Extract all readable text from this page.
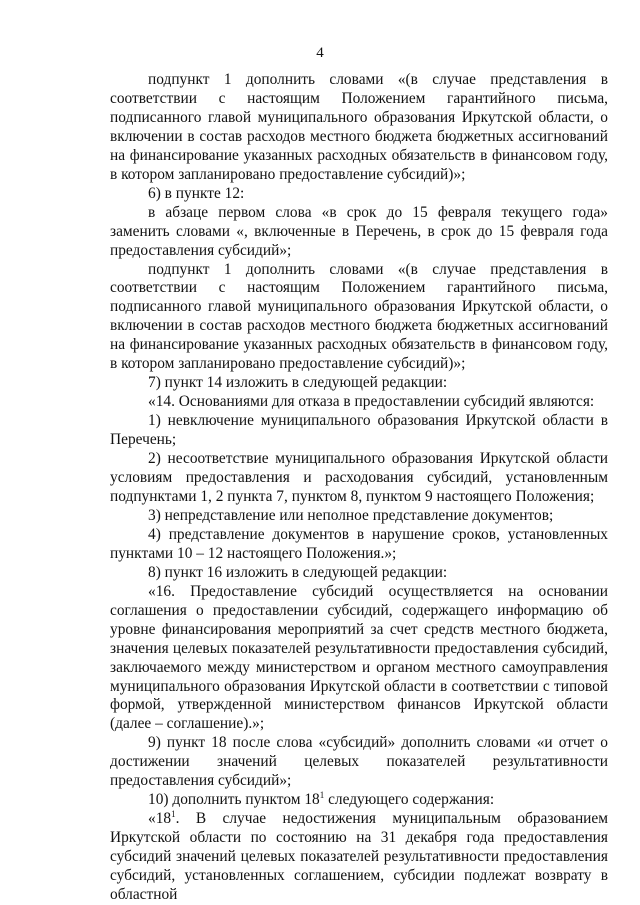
4

подпункт 1 дополнить словами «(в случае представления в соответствии с настоящим Положением гарантийного письма, подписанного главой муниципального образования Иркутской области, о включении в состав расходов местного бюджета бюджетных ассигнований на финансирование указанных расходных обязательств в финансовом году, в котором запланировано предоставление субсидий)»;

6) в пункте 12:

в абзаце первом слова «в срок до 15 февраля текущего года» заменить словами «, включенные в Перечень, в срок до 15 февраля года предоставления субсидий»;

подпункт 1 дополнить словами «(в случае представления в соответствии с настоящим Положением гарантийного письма, подписанного главой муниципального образования Иркутской области, о включении в состав расходов местного бюджета бюджетных ассигнований на финансирование указанных расходных обязательств в финансовом году, в котором запланировано предоставление субсидий)»;

7) пункт 14 изложить в следующей редакции:

«14. Основаниями для отказа в предоставлении субсидий являются:

1) невключение муниципального образования Иркутской области в Перечень;

2) несоответствие муниципального образования Иркутской области условиям предоставления и расходования субсидий, установленным подпунктами 1, 2 пункта 7, пунктом 8, пунктом 9 настоящего Положения;

3) непредставление или неполное представление документов;

4) представление документов в нарушение сроков, установленных пунктами 10 – 12 настоящего Положения.»;

8) пункт 16 изложить в следующей редакции:

«16. Предоставление субсидий осуществляется на основании соглашения о предоставлении субсидий, содержащего информацию об уровне финансирования мероприятий за счет средств местного бюджета, значения целевых показателей результативности предоставления субсидий, заключаемого между министерством и органом местного самоуправления муниципального образования Иркутской области в соответствии с типовой формой, утвержденной министерством финансов Иркутской области (далее – соглашение).»;

9) пункт 18 после слова «субсидий» дополнить словами «и отчет о достижении значений целевых показателей результативности предоставления субсидий»;

10) дополнить пунктом $18^1$ следующего содержания:

«$18^1$. В случае недостижения муниципальным образованием Иркутской области по состоянию на 31 декабря года предоставления субсидий значений целевых показателей результативности предоставления субсидий, установленных соглашением, субсидии подлежат возврату в областной
